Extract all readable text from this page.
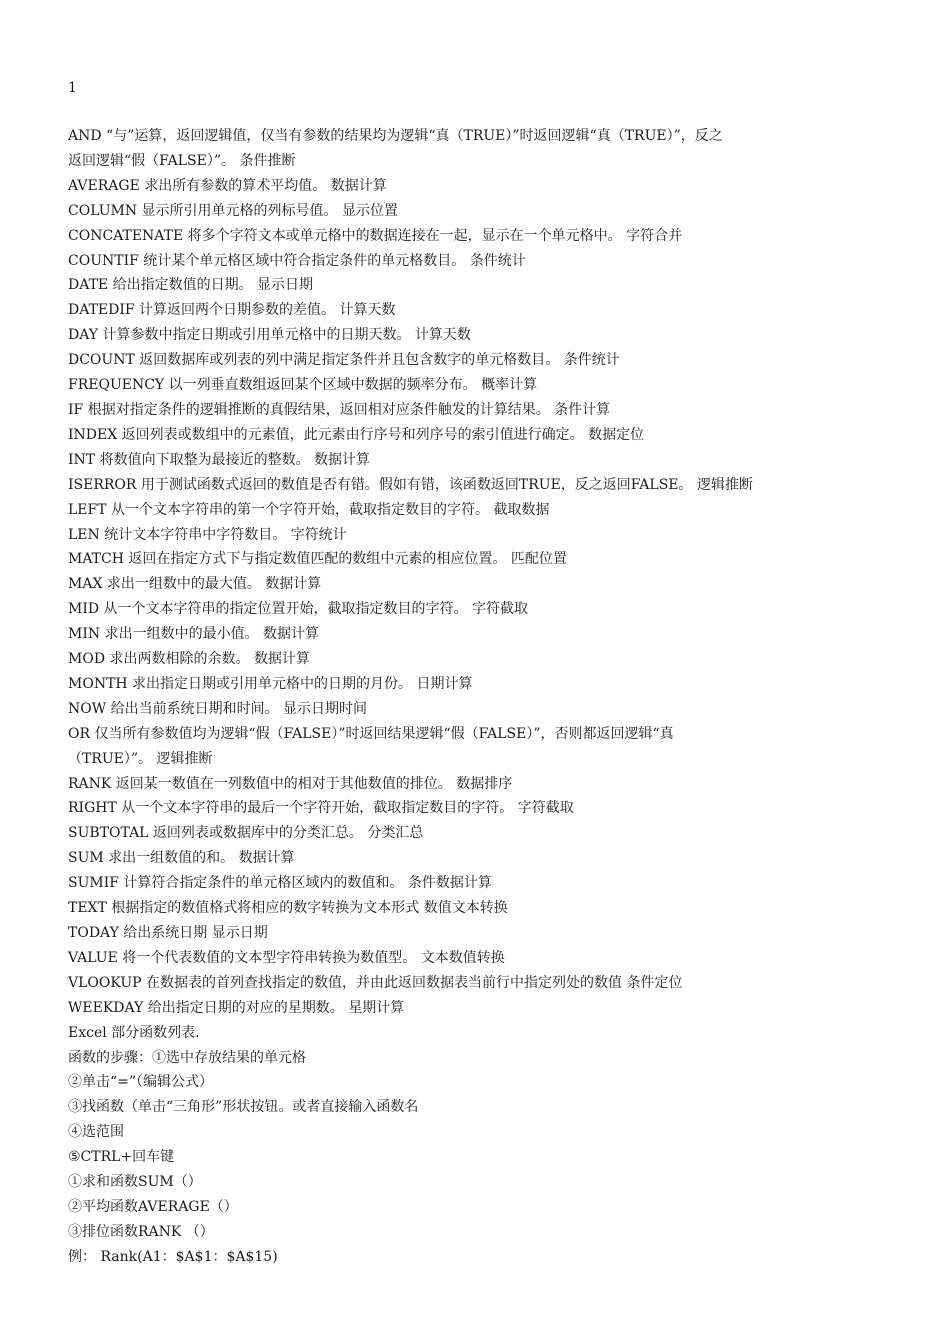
1
AND “与”运算，返回逻辑值，仅当有参数的结果均为逻辑“真（TRUE）”时返回逻辑“真（TRUE）”，反之
返回逻辑“假（FALSE）”。 条件推断
AVERAGE 求出所有参数的算术平均值。 数据计算
COLUMN 显示所引用单元格的列标号值。 显示位置
CONCATENATE 将多个字符文本或单元格中的数据连接在一起，显示在一个单元格中。 字符合并
COUNTIF 统计某个单元格区域中符合指定条件的单元格数目。 条件统计
DATE 给出指定数值的日期。 显示日期
DATEDIF 计算返回两个日期参数的差值。 计算天数
DAY 计算参数中指定日期或引用单元格中的日期天数。 计算天数
DCOUNT 返回数据库或列表的列中满足指定条件并且包含数字的单元格数目。 条件统计
FREQUENCY 以一列垂直数组返回某个区域中数据的频率分布。 概率计算
IF 根据对指定条件的逻辑推断的真假结果，返回相对应条件触发的计算结果。 条件计算
INDEX 返回列表或数组中的元素值，此元素由行序号和列序号的索引值进行确定。 数据定位
INT 将数值向下取整为最接近的整数。 数据计算
ISERROR 用于测试函数式返回的数值是否有错。假如有错，该函数返回TRUE，反之返回FALSE。 逻辑推断
LEFT 从一个文本字符串的第一个字符开始，截取指定数目的字符。 截取数据
LEN 统计文本字符串中字符数目。 字符统计
MATCH 返回在指定方式下与指定数值匹配的数组中元素的相应位置。 匹配位置
MAX 求出一组数中的最大值。 数据计算
MID 从一个文本字符串的指定位置开始，截取指定数目的字符。 字符截取
MIN 求出一组数中的最小值。 数据计算
MOD 求出两数相除的余数。 数据计算
MONTH 求出指定日期或引用单元格中的日期的月份。 日期计算
NOW 给出当前系统日期和时间。 显示日期时间
OR 仅当所有参数值均为逻辑“假（FALSE）”时返回结果逻辑“假（FALSE）”，否则都返回逻辑“真
（TRUE）”。 逻辑推断
RANK 返回某一数值在一列数值中的相对于其他数值的排位。 数据排序
RIGHT 从一个文本字符串的最后一个字符开始，截取指定数目的字符。 字符截取
SUBTOTAL 返回列表或数据库中的分类汇总。 分类汇总
SUM 求出一组数值的和。 数据计算
SUMIF 计算符合指定条件的单元格区域内的数值和。 条件数据计算
TEXT 根据指定的数值格式将相应的数字转换为文本形式 数值文本转换
TODAY 给出系统日期 显示日期
VALUE 将一个代表数值的文本型字符串转换为数值型。 文本数值转换
VLOOKUP 在数据表的首列查找指定的数值，并由此返回数据表当前行中指定列处的数值 条件定位
WEEKDAY 给出指定日期的对应的星期数。 星期计算
Excel 部分函数列表.
函数的步骤：①选中存放结果的单元格
②单击“=”（编辑公式）
③找函数（单击“三角形”形状按钮。或者直接输入函数名
④选范围
⑤CTRL+回车键
①求和函数SUM（）
②平均函数AVERAGE（）
③排位函数RANK （）
例： Rank(A1：$A$1：$A$15)
